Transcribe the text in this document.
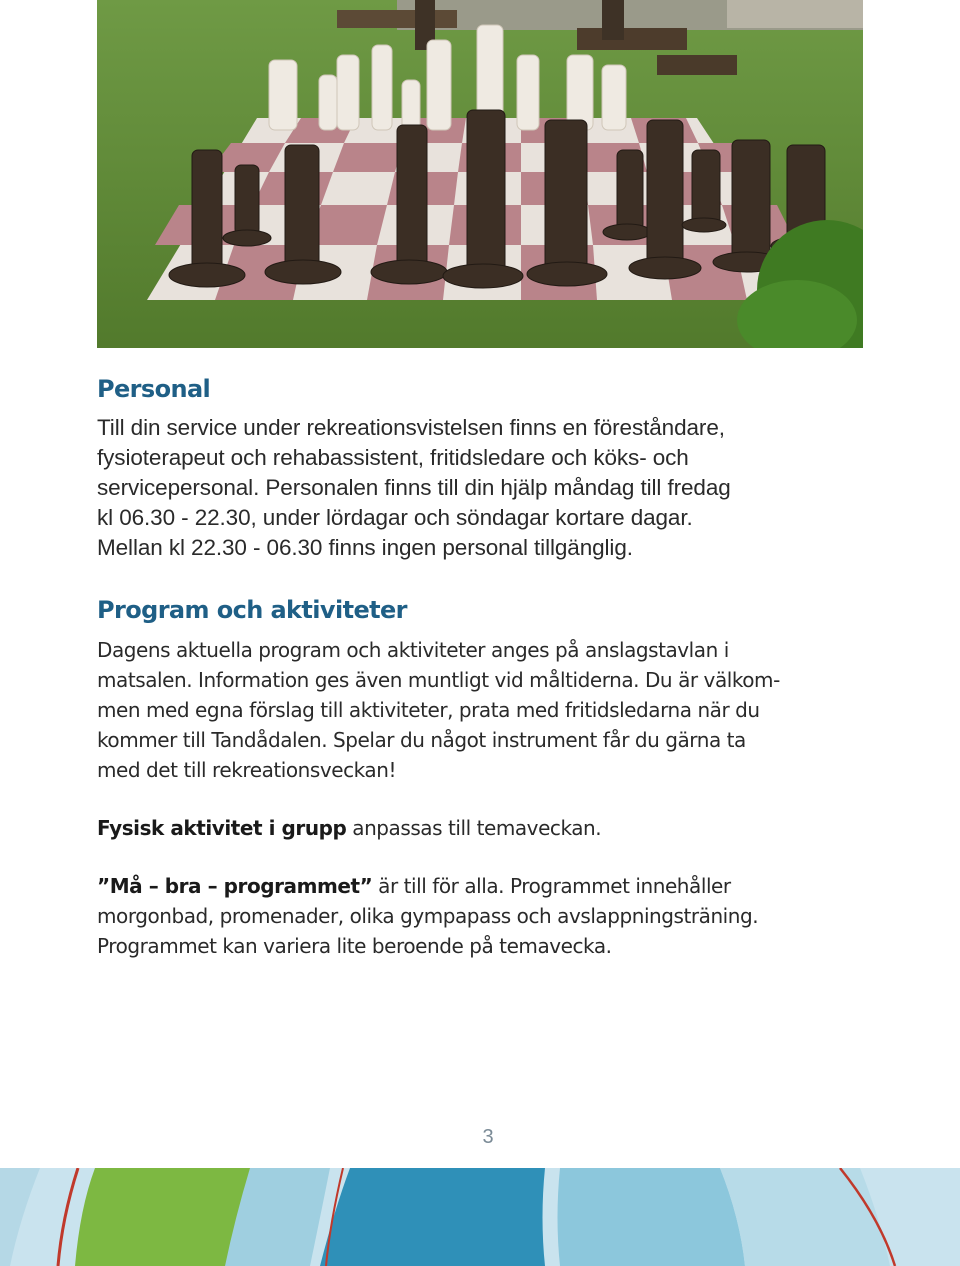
Personal
Till din service under rekreationsvistelsen finns en föreståndare,
fysioterapeut och rehabassistent, fritidsledare och köks- och
servicepersonal. Personalen finns till din hjälp måndag till fredag
kl 06.30 - 22.30, under lördagar och söndagar kortare dagar.
Mellan kl 22.30 - 06.30 finns ingen personal tillgänglig.
Program och aktiviteter
Dagens aktuella program och aktiviteter anges på anslagstavlan i
matsalen. Information ges även muntligt vid måltiderna. Du är välkom-
men med egna förslag till aktiviteter, prata med fritidsledarna när du
kommer till Tandådalen. Spelar du något instrument får du gärna ta
med det till rekreationsveckan!
Fysisk aktivitet i grupp anpassas till temaveckan.
”Må – bra – programmet” är till för alla. Programmet innehåller
morgonbad, promenader, olika gympapass och avslappningsträning.
Programmet kan variera lite beroende på temavecka.
3
